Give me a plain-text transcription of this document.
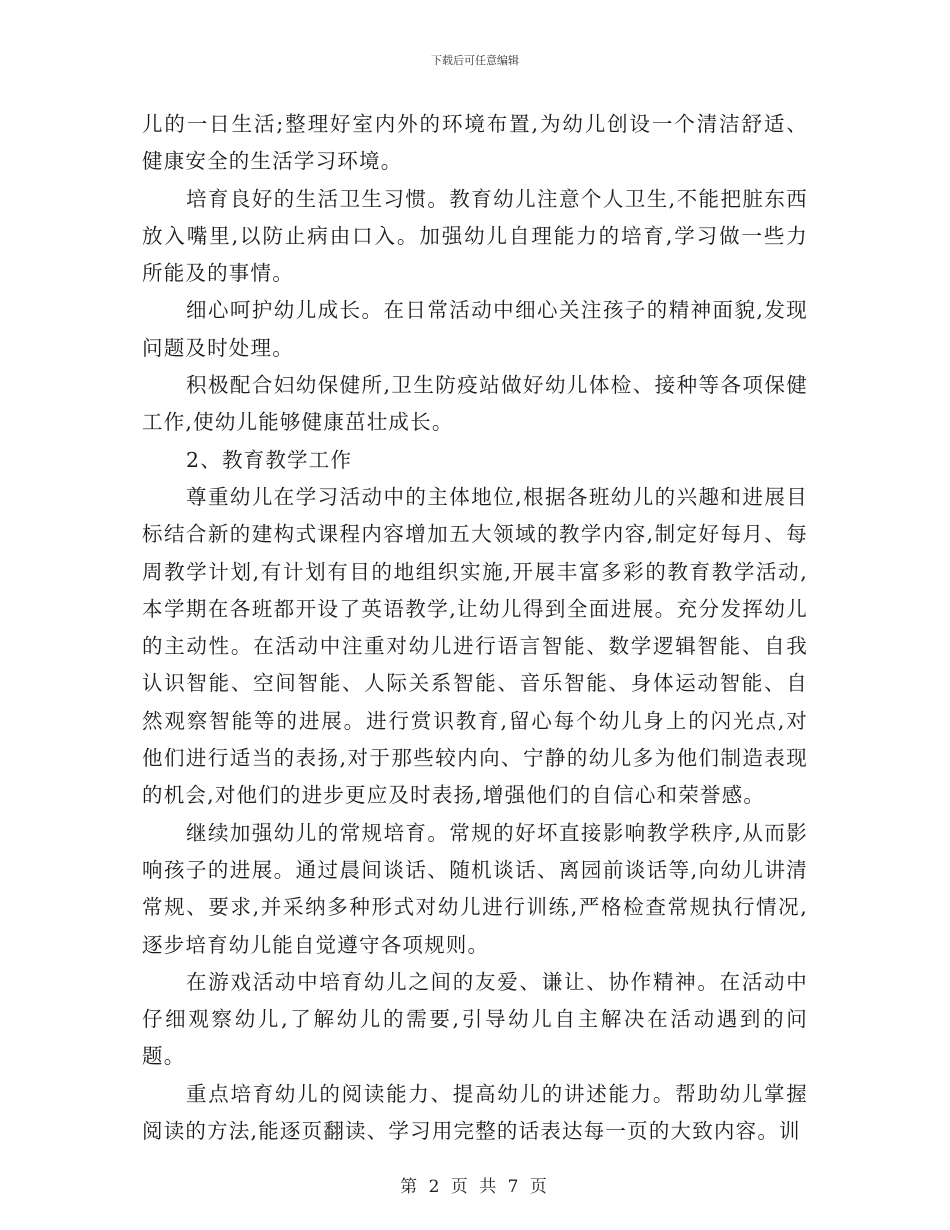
下载后可任意编辑

儿的一日生活;整理好室内外的环境布置,为幼儿创设一个清洁舒适、健康安全的生活学习环境。

培育良好的生活卫生习惯。教育幼儿注意个人卫生,不能把脏东西放入嘴里,以防止病由口入。加强幼儿自理能力的培育,学习做一些力所能及的事情。

细心呵护幼儿成长。在日常活动中细心关注孩子的精神面貌,发现问题及时处理。

积极配合妇幼保健所,卫生防疫站做好幼儿体检、接种等各项保健工作,使幼儿能够健康茁壮成长。

2、教育教学工作

尊重幼儿在学习活动中的主体地位,根据各班幼儿的兴趣和进展目标结合新的建构式课程内容增加五大领域的教学内容,制定好每月、每周教学计划,有计划有目的地组织实施,开展丰富多彩的教育教学活动,本学期在各班都开设了英语教学,让幼儿得到全面进展。充分发挥幼儿的主动性。在活动中注重对幼儿进行语言智能、数学逻辑智能、自我认识智能、空间智能、人际关系智能、音乐智能、身体运动智能、自然观察智能等的进展。进行赏识教育,留心每个幼儿身上的闪光点,对他们进行适当的表扬,对于那些较内向、宁静的幼儿多为他们制造表现的机会,对他们的进步更应及时表扬,增强他们的自信心和荣誉感。

继续加强幼儿的常规培育。常规的好坏直接影响教学秩序,从而影响孩子的进展。通过晨间谈话、随机谈话、离园前谈话等,向幼儿讲清常规、要求,并采纳多种形式对幼儿进行训练,严格检查常规执行情况,逐步培育幼儿能自觉遵守各项规则。

在游戏活动中培育幼儿之间的友爱、谦让、协作精神。在活动中仔细观察幼儿,了解幼儿的需要,引导幼儿自主解决在活动遇到的问题。

重点培育幼儿的阅读能力、提高幼儿的讲述能力。帮助幼儿掌握阅读的方法,能逐页翻读、学习用完整的话表达每一页的大致内容。训

第 2 页 共 7 页
